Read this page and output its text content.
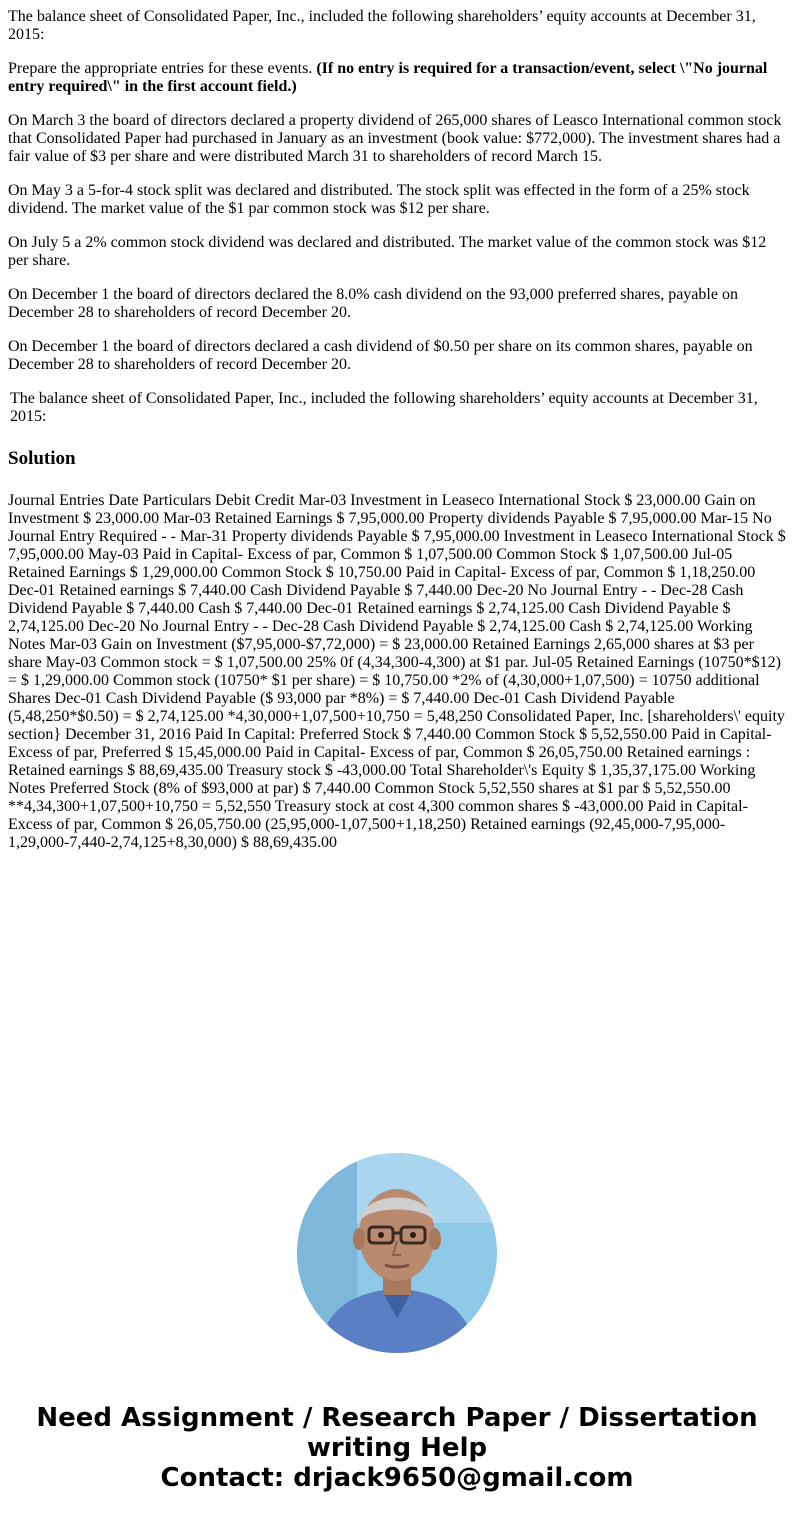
The balance sheet of Consolidated Paper, Inc., included the following shareholders’ equity accounts at December 31, 2015:

Prepare the appropriate entries for these events. (If no entry is required for a transaction/event, select \"No journal entry required\" in the first account field.)

On March 3 the board of directors declared a property dividend of 265,000 shares of Leasco International common stock that Consolidated Paper had purchased in January as an investment (book value: $772,000). The investment shares had a fair value of $3 per share and were distributed March 31 to shareholders of record March 15.

On May 3 a 5-for-4 stock split was declared and distributed. The stock split was effected in the form of a 25% stock dividend. The market value of the $1 par common stock was $12 per share.

On July 5 a 2% common stock dividend was declared and distributed. The market value of the common stock was $12 per share.

On December 1 the board of directors declared the 8.0% cash dividend on the 93,000 preferred shares, payable on December 28 to shareholders of record December 20.

On December 1 the board of directors declared a cash dividend of $0.50 per share on its common shares, payable on December 28 to shareholders of record December 20.

The balance sheet of Consolidated Paper, Inc., included the following shareholders’ equity accounts at December 31, 2015:

Solution

Journal Entries Date Particulars Debit Credit Mar-03 Investment in Leaseco International Stock $ 23,000.00 Gain on Investment $ 23,000.00 Mar-03 Retained Earnings $ 7,95,000.00 Property dividends Payable $ 7,95,000.00 Mar-15 No Journal Entry Required - - Mar-31 Property dividends Payable $ 7,95,000.00 Investment in Leaseco International Stock $ 7,95,000.00 May-03 Paid in Capital- Excess of par, Common $ 1,07,500.00 Common Stock $ 1,07,500.00 Jul-05 Retained Earnings $ 1,29,000.00 Common Stock $ 10,750.00 Paid in Capital- Excess of par, Common $ 1,18,250.00 Dec-01 Retained earnings $ 7,440.00 Cash Dividend Payable $ 7,440.00 Dec-20 No Journal Entry - - Dec-28 Cash Dividend Payable $ 7,440.00 Cash $ 7,440.00 Dec-01 Retained earnings $ 2,74,125.00 Cash Dividend Payable $ 2,74,125.00 Dec-20 No Journal Entry - - Dec-28 Cash Dividend Payable $ 2,74,125.00 Cash $ 2,74,125.00 Working Notes Mar-03 Gain on Investment ($7,95,000-$7,72,000) = $ 23,000.00 Retained Earnings 2,65,000 shares at $3 per share May-03 Common stock = $ 1,07,500.00 25% 0f (4,34,300-4,300) at $1 par. Jul-05 Retained Earnings (10750*$12) = $ 1,29,000.00 Common stock (10750* $1 per share) = $ 10,750.00 *2% of (4,30,000+1,07,500) = 10750 additional Shares Dec-01 Cash Dividend Payable ($ 93,000 par *8%) = $ 7,440.00 Dec-01 Cash Dividend Payable (5,48,250*$0.50) = $ 2,74,125.00 *4,30,000+1,07,500+10,750 = 5,48,250 Consolidated Paper, Inc. [shareholders\' equity section} December 31, 2016 Paid In Capital: Preferred Stock $ 7,440.00 Common Stock $ 5,52,550.00 Paid in Capital- Excess of par, Preferred $ 15,45,000.00 Paid in Capital- Excess of par, Common $ 26,05,750.00 Retained earnings : Retained earnings $ 88,69,435.00 Treasury stock $ -43,000.00 Total Shareholder\'s Equity $ 1,35,37,175.00 Working Notes Preferred Stock (8% of $93,000 at par) $ 7,440.00 Common Stock 5,52,550 shares at $1 par $ 5,52,550.00 **4,34,300+1,07,500+10,750 = 5,52,550 Treasury stock at cost 4,300 common shares $ -43,000.00 Paid in Capital- Excess of par, Common $ 26,05,750.00 (25,95,000-1,07,500+1,18,250) Retained earnings (92,45,000-7,95,000-1,29,000-7,440-2,74,125+8,30,000) $ 88,69,435.00

Need Assignment / Research Paper / Dissertation
writing Help
Contact: drjack9650@gmail.com
